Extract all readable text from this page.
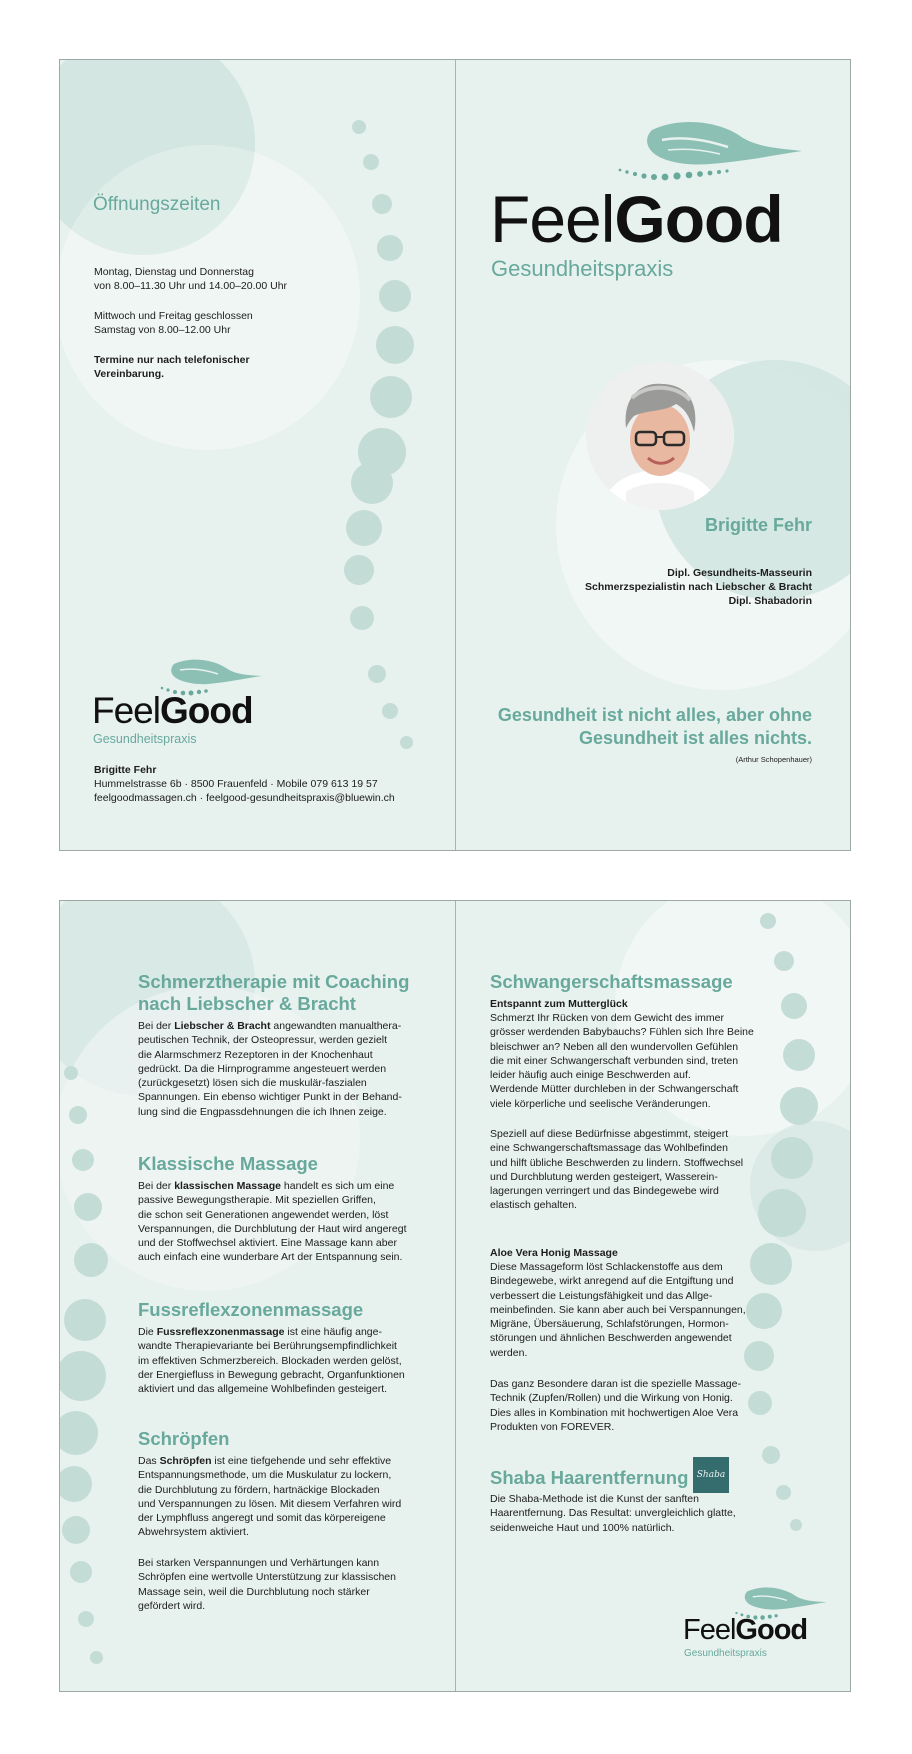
Öffnungszeiten

Montag, Dienstag und Donnerstag

von 8.00–11.30 Uhr und 14.00–20.00 Uhr

Mittwoch und Freitag geschlossen

Samstag von 8.00–12.00 Uhr

Termine nur nach telefonischer

Vereinbarung.

FeelGood
Gesundheitspraxis

Brigitte Fehr

Hummelstrasse 6b · 8500 Frauenfeld · Mobile 079 613 19 57

feelgoodmassagen.ch · feelgood-gesundheitspraxis@bluewin.ch

FeelGood
Gesundheitspraxis
Brigitte Fehr

Dipl. Gesundheits-Masseurin

Schmerzspezialistin nach Liebscher & Bracht

Dipl. Shabadorin

Gesundheit ist nicht alles, aber ohne

Gesundheit ist alles nichts.

(Arthur Schopenhauer)

Schmerztherapie mit Coaching
nach Liebscher & Bracht

Bei der Liebscher & Bracht angewandten manualthera-
peutischen Technik, der Osteopressur, werden gezielt
die Alarmschmerz Rezeptoren in der Knochenhaut
gedrückt. Da die Hirnprogramme angesteuert werden
(zurückgesetzt) lösen sich die muskulär-faszialen
Spannungen. Ein ebenso wichtiger Punkt in der Behand-
lung sind die Engpassdehnungen die ich Ihnen zeige.

Klassische Massage

Bei der klassischen Massage handelt es sich um eine
passive Bewegungstherapie. Mit speziellen Griffen,
die schon seit Generationen angewendet werden, löst
Verspannungen, die Durchblutung der Haut wird angeregt
und der Stoffwechsel aktiviert. Eine Massage kann aber
auch einfach eine wunderbare Art der Entspannung sein.

Fussreflexzonenmassage

Die Fussreflexzonenmassage ist eine häufig ange-
wandte Therapievariante bei Berührungsempfindlichkeit
im effektiven Schmerzbereich. Blockaden werden gelöst,
der Energiefluss in Bewegung gebracht, Organfunktionen
aktiviert und das allgemeine Wohlbefinden gesteigert.

Schröpfen

Das Schröpfen ist eine tiefgehende und sehr effektive
Entspannungsmethode, um die Muskulatur zu lockern,
die Durchblutung zu fördern, hartnäckige Blockaden
und Verspannungen zu lösen. Mit diesem Verfahren wird
der Lymphfluss angeregt und somit das körpereigene
Abwehrsystem aktiviert.

Bei starken Verspannungen und Verhärtungen kann
Schröpfen eine wertvolle Unterstützung zur klassischen
Massage sein, weil die Durchblutung noch stärker
gefördert wird.

Schwangerschaftsmassage

Entspannt zum Mutterglück

Schmerzt Ihr Rücken von dem Gewicht des immer
grösser werdenden Babybauchs? Fühlen sich Ihre Beine
bleischwer an? Neben all den wundervollen Gefühlen
die mit einer Schwangerschaft verbunden sind, treten
leider häufig auch einige Beschwerden auf.
Werdende Mütter durchleben in der Schwangerschaft
viele körperliche und seelische Veränderungen.

Speziell auf diese Bedürfnisse abgestimmt, steigert
eine Schwangerschaftsmassage das Wohlbefinden
und hilft übliche Beschwerden zu lindern. Stoffwechsel
und Durchblutung werden gesteigert, Wasserein-
lagerungen verringert und das Bindegewebe wird
elastisch gehalten.

Aloe Vera Honig Massage

Diese Massageform löst Schlackenstoffe aus dem
Bindegewebe, wirkt anregend auf die Entgiftung und
verbessert die Leistungsfähigkeit und das Allge-
meinbefinden. Sie kann aber auch bei Verspannungen,
Migräne, Übersäuerung, Schlafstörungen, Hormon-
störungen und ähnlichen Beschwerden angewendet
werden.

Das ganz Besondere daran ist die spezielle Massage-
Technik (Zupfen/Rollen) und die Wirkung von Honig.
Dies alles in Kombination mit hochwertigen Aloe Vera
Produkten von FOREVER.

Shaba Haarentfernung Shaba

Die Shaba-Methode ist die Kunst der sanften
Haarentfernung. Das Resultat: unvergleichlich glatte,
seidenweiche Haut und 100% natürlich.

FeelGood
Gesundheitspraxis
